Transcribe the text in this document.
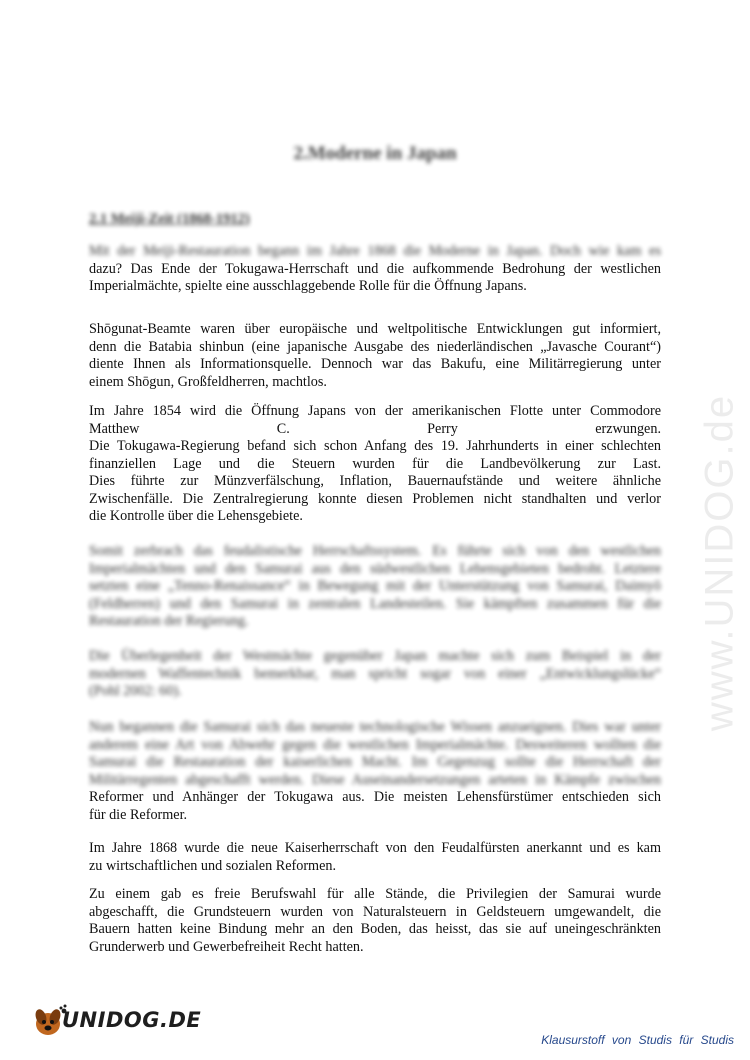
2.Moderne in Japan
2.1 Meiji-Zeit (1868-1912)
Mit der Meiji-Restauration begann im Jahre 1868 die Moderne in Japan. Doch wie kam es
dazu? Das Ende der Tokugawa-Herrschaft und die aufkommende Bedrohung der westlichen
Imperialmächte, spielte eine ausschlaggebende Rolle für die Öffnung Japans.
Shōgunat-Beamte waren über europäische und weltpolitische Entwicklungen gut informiert,
denn die Batabia shinbun (eine japanische Ausgabe des niederländischen „Javasche Courant“)
diente Ihnen als Informationsquelle. Dennoch war das Bakufu, eine Militärregierung unter
einem Shōgun, Großfeldherren, machtlos.
Im Jahre 1854 wird die Öffnung Japans von der amerikanischen Flotte unter Commodore
Matthew C. Perry erzwungen.
Die Tokugawa-Regierung befand sich schon Anfang des 19. Jahrhunderts in einer schlechten
finanziellen Lage und die Steuern wurden für die Landbevölkerung zur Last.
Dies führte zur Münzverfälschung, Inflation, Bauernaufstände und weitere ähnliche
Zwischenfälle. Die Zentralregierung konnte diesen Problemen nicht standhalten und verlor
die Kontrolle über die Lehensgebiete.
Somit zerbrach das feudalistische Herrschaftssystem. Es führte sich von den westlichen
Imperialmächten und den Samurai aus den südwestlichen Lehensgebieten bedroht. Letztere
setzten eine „Tenno-Renaissance“ in Bewegung mit der Unterstützung von Samurai, Daimyō
(Feldherren) und den Samurai in zentralen Landesteilen. Sie kämpften zusammen für die
Restauration der Regierung.
Die Überlegenheit der Westmächte gegenüber Japan machte sich zum Beispiel in der
modernen Waffentechnik bemerkbar, man spricht sogar von einer „Entwicklungslücke“
(Pohl 2002: 60).
Nun begannen die Samurai sich das neueste technologische Wissen anzueignen. Dies war unter
anderem eine Art von Abwehr gegen die westlichen Imperialmächte. Desweiteren wollten die
Samurai die Restauration der kaiserlichen Macht. Im Gegenzug sollte die Herrschaft der
Militärregenten abgeschafft werden. Diese Auseinandersetzungen arteten in Kämpfe zwischen
Reformer und Anhänger der Tokugawa aus. Die meisten Lehensfürstümer entschieden sich
für die Reformer.
Im Jahre 1868 wurde die neue Kaiserherrschaft von den Feudalfürsten anerkannt und es kam
zu wirtschaftlichen und sozialen Reformen.
Zu einem gab es freie Berufswahl für alle Stände, die Privilegien der Samurai wurde
abgeschafft, die Grundsteuern wurden von Naturalsteuern in Geldsteuern umgewandelt, die
Bauern hatten keine Bindung mehr an den Boden, das heisst, das sie auf uneingeschränkten
Grunderwerb und Gewerbefreiheit Recht hatten.
www.UNIDOG.de
UNIDOG.DE
Klausurstoff von Studis für Studis
